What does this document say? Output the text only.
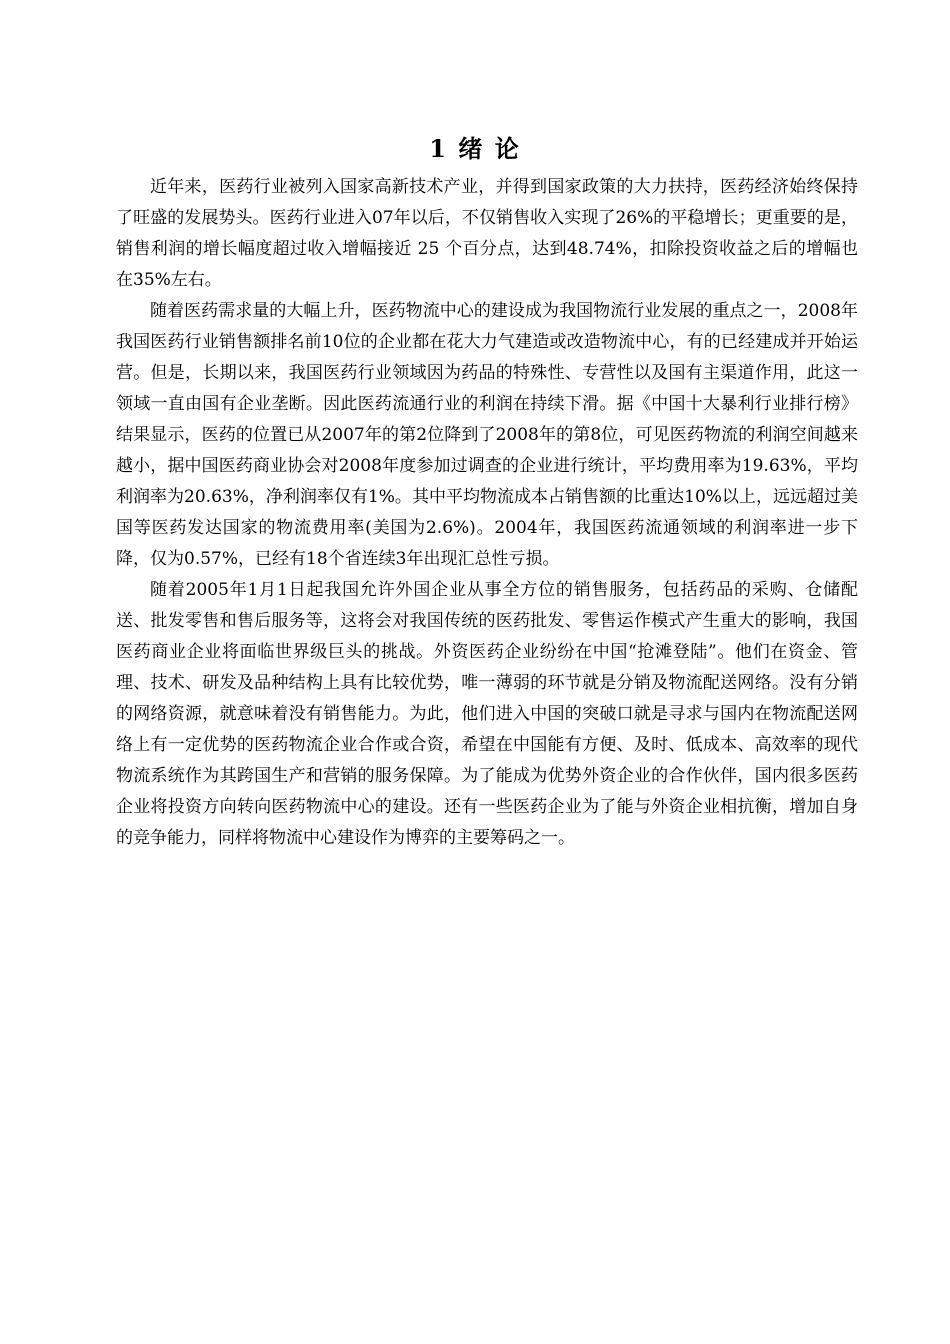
1 绪 论

近年来，医药行业被列入国家高新技术产业，并得到国家政策的大力扶持，医药经济始终保持了旺盛的发展势头。医药行业进入07年以后，不仅销售收入实现了26%的平稳增长；更重要的是，销售利润的增长幅度超过收入增幅接近 25 个百分点，达到48.74%，扣除投资收益之后的增幅也在35%左右。

随着医药需求量的大幅上升，医药物流中心的建设成为我国物流行业发展的重点之一，2008年我国医药行业销售额排名前10位的企业都在花大力气建造或改造物流中心，有的已经建成并开始运营。但是，长期以来，我国医药行业领域因为药品的特殊性、专营性以及国有主渠道作用，此这一领域一直由国有企业垄断。因此医药流通行业的利润在持续下滑。据《中国十大暴利行业排行榜》结果显示，医药的位置已从2007年的第2位降到了2008年的第8位，可见医药物流的利润空间越来越小，据中国医药商业协会对2008年度参加过调查的企业进行统计，平均费用率为19.63%，平均利润率为20.63%，净利润率仅有1%。其中平均物流成本占销售额的比重达10%以上，远远超过美国等医药发达国家的物流费用率(美国为2.6%)。2004年，我国医药流通领域的利润率进一步下降，仅为0.57%，已经有18个省连续3年出现汇总性亏损。

随着2005年1月1日起我国允许外国企业从事全方位的销售服务，包括药品的采购、仓储配送、批发零售和售后服务等，这将会对我国传统的医药批发、零售运作模式产生重大的影响，我国医药商业企业将面临世界级巨头的挑战。外资医药企业纷纷在中国“抢滩登陆”。他们在资金、管理、技术、研发及品种结构上具有比较优势，唯一薄弱的环节就是分销及物流配送网络。没有分销的网络资源，就意味着没有销售能力。为此，他们进入中国的突破口就是寻求与国内在物流配送网络上有一定优势的医药物流企业合作或合资，希望在中国能有方便、及时、低成本、高效率的现代物流系统作为其跨国生产和营销的服务保障。为了能成为优势外资企业的合作伙伴，国内很多医药企业将投资方向转向医药物流中心的建设。还有一些医药企业为了能与外资企业相抗衡，增加自身的竞争能力，同样将物流中心建设作为博弈的主要筹码之一。
